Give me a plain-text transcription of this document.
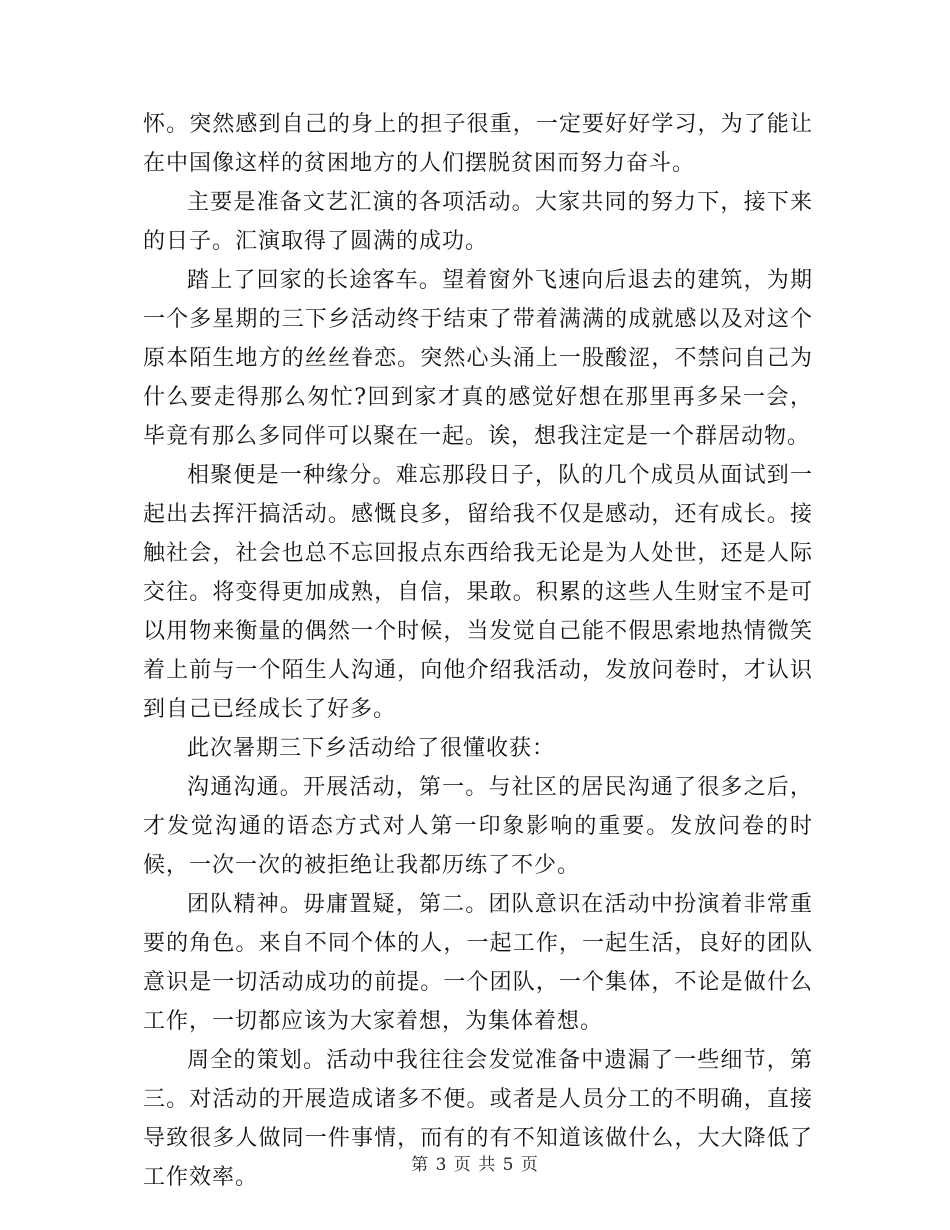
怀。突然感到自己的身上的担子很重，一定要好好学习，为了能让在中国像这样的贫困地方的人们摆脱贫困而努力奋斗。

主要是准备文艺汇演的各项活动。大家共同的努力下，接下来的日子。汇演取得了圆满的成功。

踏上了回家的长途客车。望着窗外飞速向后退去的建筑，为期一个多星期的三下乡活动终于结束了带着满满的成就感以及对这个原本陌生地方的丝丝眷恋。突然心头涌上一股酸涩，不禁问自己为什么要走得那么匆忙?回到家才真的感觉好想在那里再多呆一会，毕竟有那么多同伴可以聚在一起。诶，想我注定是一个群居动物。

相聚便是一种缘分。难忘那段日子，队的几个成员从面试到一起出去挥汗搞活动。感慨良多，留给我不仅是感动，还有成长。接触社会，社会也总不忘回报点东西给我无论是为人处世，还是人际交往。将变得更加成熟，自信，果敢。积累的这些人生财宝不是可以用物来衡量的偶然一个时候，当发觉自己能不假思索地热情微笑着上前与一个陌生人沟通，向他介绍我活动，发放问卷时，才认识到自己已经成长了好多。

此次暑期三下乡活动给了很懂收获：

沟通沟通。开展活动，第一。与社区的居民沟通了很多之后，才发觉沟通的语态方式对人第一印象影响的重要。发放问卷的时候，一次一次的被拒绝让我都历练了不少。

团队精神。毋庸置疑，第二。团队意识在活动中扮演着非常重要的角色。来自不同个体的人，一起工作，一起生活，良好的团队意识是一切活动成功的前提。一个团队，一个集体，不论是做什么工作，一切都应该为大家着想，为集体着想。

周全的策划。活动中我往往会发觉准备中遗漏了一些细节，第三。对活动的开展造成诸多不便。或者是人员分工的不明确，直接导致很多人做同一件事情，而有的有不知道该做什么，大大降低了工作效率。	第 3 页 共 5 页
